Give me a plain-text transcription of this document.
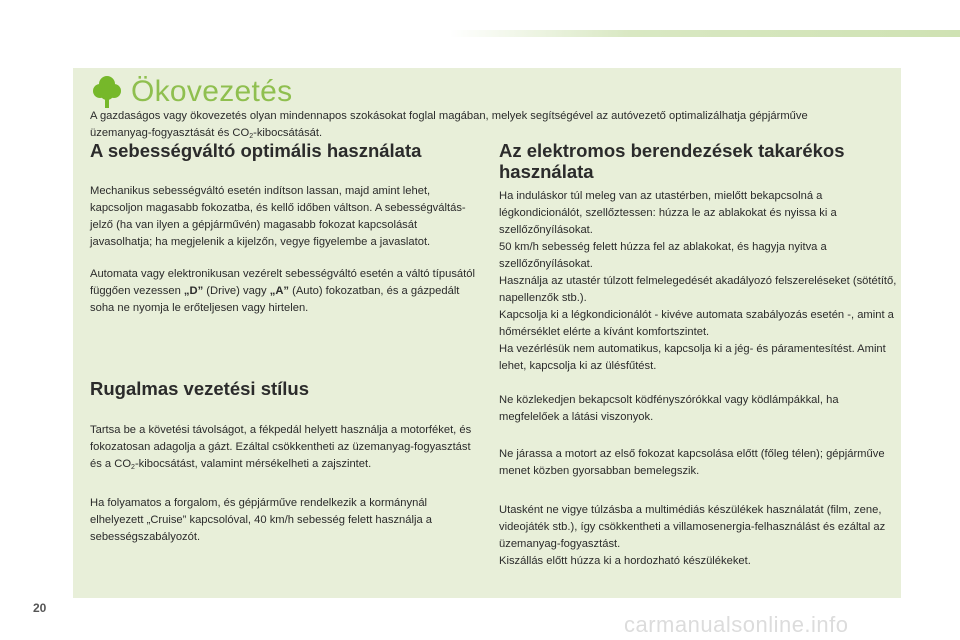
Ökovezetés
A gazdaságos vagy ökovezetés olyan mindennapos szokásokat foglal magában, melyek segítségével az autóvezető optimalizálhatja gépjárműve
üzemanyag-fogyasztását és $CO_2$-kibocsátását.
A sebességváltó optimális használata

Mechanikus sebességváltó esetén indítson lassan, majd amint lehet, kapcsoljon magasabb fokozatba, és kellő időben váltson. A sebességváltás-jelző (ha van ilyen a gépjárművén) magasabb fokozat kapcsolását javasolhatja; ha megjelenik a kijelzőn, vegye figyelembe a javaslatot.

Automata vagy elektronikusan vezérelt sebességváltó esetén a váltó típusától függően vezessen „D” (Drive) vagy „A” (Auto) fokozatban, és a gázpedált soha ne nyomja le erőteljesen vagy hirtelen.

Rugalmas vezetési stílus

Tartsa be a követési távolságot, a fékpedál helyett használja a motorféket, és fokozatosan adagolja a gázt. Ezáltal csökkentheti az üzemanyag-fogyasztást és a $CO_2$-kibocsátást, valamint mérsékelheti a zajszintet.

Ha folyamatos a forgalom, és gépjárműve rendelkezik a kormánynál elhelyezett „Cruise” kapcsolóval, 40 km/h sebesség felett használja a sebességszabályozót.

Az elektromos berendezések takarékos használata

Ha induláskor túl meleg van az utastérben, mielőtt bekapcsolná a légkondicionálót, szellőztessen: húzza le az ablakokat és nyissa ki a szellőzőnyílásokat.
50 km/h sebesség felett húzza fel az ablakokat, és hagyja nyitva a szellőzőnyílásokat.
Használja az utastér túlzott felmelegedését akadályozó felszereléseket (sötétítő, napellenzők stb.).
Kapcsolja ki a légkondicionálót - kivéve automata szabályozás esetén -, amint a hőmérséklet elérte a kívánt komfortszintet.
Ha vezérlésük nem automatikus, kapcsolja ki a jég- és páramentesítést. Amint lehet, kapcsolja ki az ülésfűtést.

Ne közlekedjen bekapcsolt ködfényszórókkal vagy ködlámpákkal, ha megfelelőek a látási viszonyok.

Ne járassa a motort az első fokozat kapcsolása előtt (főleg télen); gépjárműve menet közben gyorsabban bemelegszik.

Utasként ne vigye túlzásba a multimédiás készülékek használatát (film, zene, videojáték stb.), így csökkentheti a villamosenergia-felhasználást és ezáltal az üzemanyag-fogyasztást.
Kiszállás előtt húzza ki a hordozható készülékeket.

20
carmanualsonline.info
